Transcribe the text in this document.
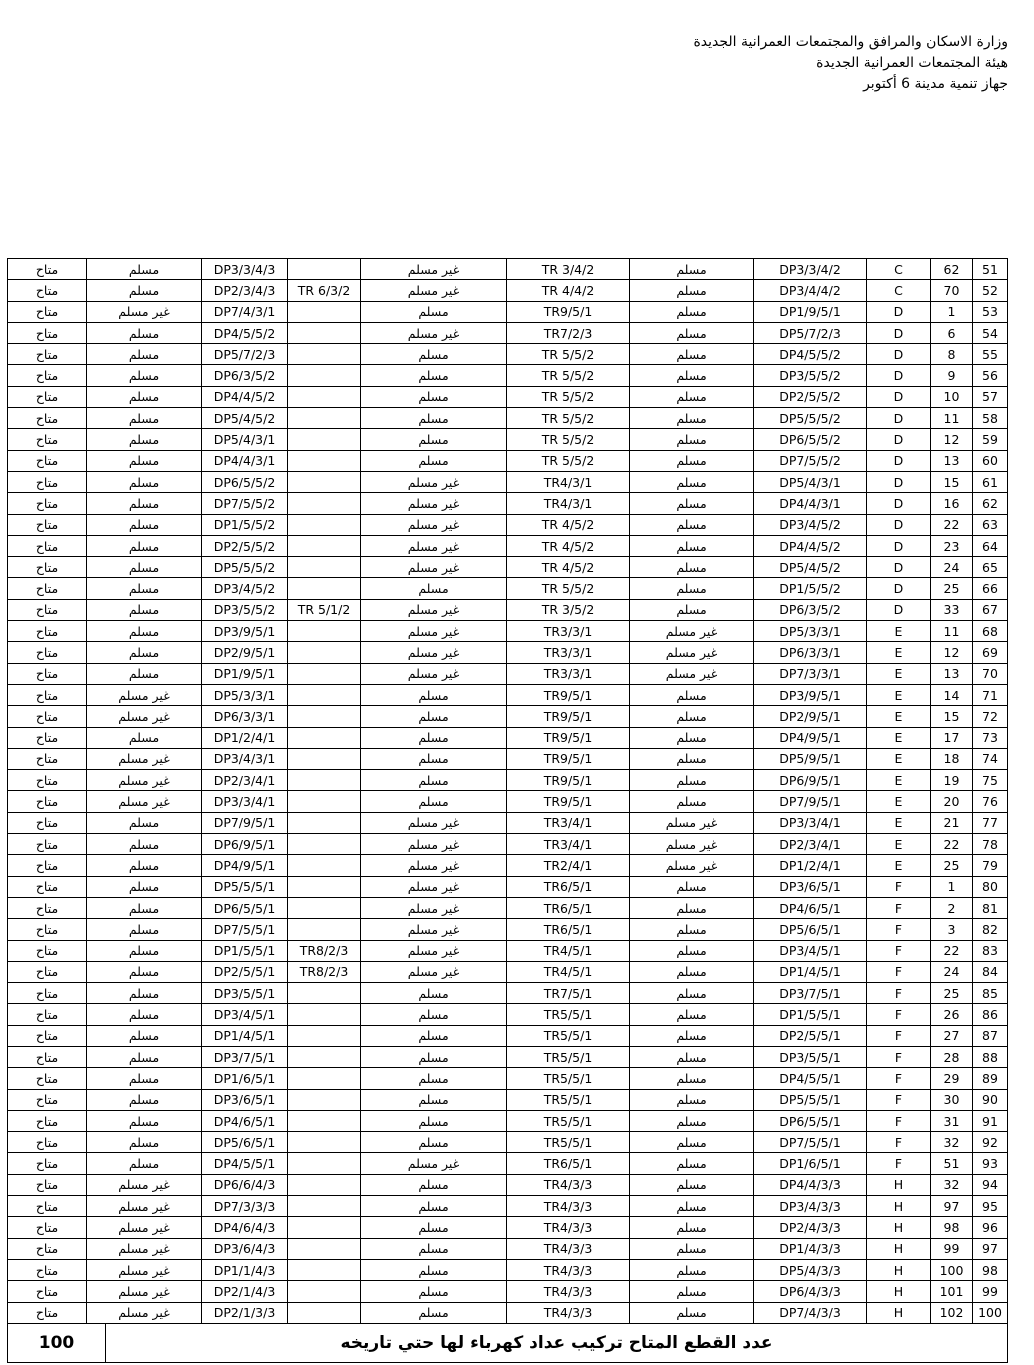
وزارة الاسكان والمرافق والمجتمعات العمرانية الجديدة
هيئة المجتمعات العمرانية الجديدة
جهاز تنمية مدينة 6 أكتوبر
51	62	C	DP3/3/4/2	مسلم	TR 3/4/2	غير مسلم		DP3/3/4/3	مسلم	متاح
52	70	C	DP3/4/4/2	مسلم	TR 4/4/2	غير مسلم	TR 6/3/2	DP2/3/4/3	مسلم	متاح
53	1	D	DP1/9/5/1	مسلم	TR9/5/1	مسلم		DP7/4/3/1	غير مسلم	متاح
54	6	D	DP5/7/2/3	مسلم	TR7/2/3	غير مسلم		DP4/5/5/2	مسلم	متاح
55	8	D	DP4/5/5/2	مسلم	TR 5/5/2	مسلم		DP5/7/2/3	مسلم	متاح
56	9	D	DP3/5/5/2	مسلم	TR 5/5/2	مسلم		DP6/3/5/2	مسلم	متاح
57	10	D	DP2/5/5/2	مسلم	TR 5/5/2	مسلم		DP4/4/5/2	مسلم	متاح
58	11	D	DP5/5/5/2	مسلم	TR 5/5/2	مسلم		DP5/4/5/2	مسلم	متاح
59	12	D	DP6/5/5/2	مسلم	TR 5/5/2	مسلم		DP5/4/3/1	مسلم	متاح
60	13	D	DP7/5/5/2	مسلم	TR 5/5/2	مسلم		DP4/4/3/1	مسلم	متاح
61	15	D	DP5/4/3/1	مسلم	TR4/3/1	غير مسلم		DP6/5/5/2	مسلم	متاح
62	16	D	DP4/4/3/1	مسلم	TR4/3/1	غير مسلم		DP7/5/5/2	مسلم	متاح
63	22	D	DP3/4/5/2	مسلم	TR 4/5/2	غير مسلم		DP1/5/5/2	مسلم	متاح
64	23	D	DP4/4/5/2	مسلم	TR 4/5/2	غير مسلم		DP2/5/5/2	مسلم	متاح
65	24	D	DP5/4/5/2	مسلم	TR 4/5/2	غير مسلم		DP5/5/5/2	مسلم	متاح
66	25	D	DP1/5/5/2	مسلم	TR 5/5/2	مسلم		DP3/4/5/2	مسلم	متاح
67	33	D	DP6/3/5/2	مسلم	TR 3/5/2	غير مسلم	TR 5/1/2	DP3/5/5/2	مسلم	متاح
68	11	E	DP5/3/3/1	غير مسلم	TR3/3/1	غير مسلم		DP3/9/5/1	مسلم	متاح
69	12	E	DP6/3/3/1	غير مسلم	TR3/3/1	غير مسلم		DP2/9/5/1	مسلم	متاح
70	13	E	DP7/3/3/1	غير مسلم	TR3/3/1	غير مسلم		DP1/9/5/1	مسلم	متاح
71	14	E	DP3/9/5/1	مسلم	TR9/5/1	مسلم		DP5/3/3/1	غير مسلم	متاح
72	15	E	DP2/9/5/1	مسلم	TR9/5/1	مسلم		DP6/3/3/1	غير مسلم	متاح
73	17	E	DP4/9/5/1	مسلم	TR9/5/1	مسلم		DP1/2/4/1	مسلم	متاح
74	18	E	DP5/9/5/1	مسلم	TR9/5/1	مسلم		DP3/4/3/1	غير مسلم	متاح
75	19	E	DP6/9/5/1	مسلم	TR9/5/1	مسلم		DP2/3/4/1	غير مسلم	متاح
76	20	E	DP7/9/5/1	مسلم	TR9/5/1	مسلم		DP3/3/4/1	غير مسلم	متاح
77	21	E	DP3/3/4/1	غير مسلم	TR3/4/1	غير مسلم		DP7/9/5/1	مسلم	متاح
78	22	E	DP2/3/4/1	غير مسلم	TR3/4/1	غير مسلم		DP6/9/5/1	مسلم	متاح
79	25	E	DP1/2/4/1	غير مسلم	TR2/4/1	غير مسلم		DP4/9/5/1	مسلم	متاح
80	1	F	DP3/6/5/1	مسلم	TR6/5/1	غير مسلم		DP5/5/5/1	مسلم	متاح
81	2	F	DP4/6/5/1	مسلم	TR6/5/1	غير مسلم		DP6/5/5/1	مسلم	متاح
82	3	F	DP5/6/5/1	مسلم	TR6/5/1	غير مسلم		DP7/5/5/1	مسلم	متاح
83	22	F	DP3/4/5/1	مسلم	TR4/5/1	غير مسلم	TR8/2/3	DP1/5/5/1	مسلم	متاح
84	24	F	DP1/4/5/1	مسلم	TR4/5/1	غير مسلم	TR8/2/3	DP2/5/5/1	مسلم	متاح
85	25	F	DP3/7/5/1	مسلم	TR7/5/1	مسلم		DP3/5/5/1	مسلم	متاح
86	26	F	DP1/5/5/1	مسلم	TR5/5/1	مسلم		DP3/4/5/1	مسلم	متاح
87	27	F	DP2/5/5/1	مسلم	TR5/5/1	مسلم		DP1/4/5/1	مسلم	متاح
88	28	F	DP3/5/5/1	مسلم	TR5/5/1	مسلم		DP3/7/5/1	مسلم	متاح
89	29	F	DP4/5/5/1	مسلم	TR5/5/1	مسلم		DP1/6/5/1	مسلم	متاح
90	30	F	DP5/5/5/1	مسلم	TR5/5/1	مسلم		DP3/6/5/1	مسلم	متاح
91	31	F	DP6/5/5/1	مسلم	TR5/5/1	مسلم		DP4/6/5/1	مسلم	متاح
92	32	F	DP7/5/5/1	مسلم	TR5/5/1	مسلم		DP5/6/5/1	مسلم	متاح
93	51	F	DP1/6/5/1	مسلم	TR6/5/1	غير مسلم		DP4/5/5/1	مسلم	متاح
94	32	H	DP4/4/3/3	مسلم	TR4/3/3	مسلم		DP6/6/4/3	غير مسلم	متاح
95	97	H	DP3/4/3/3	مسلم	TR4/3/3	مسلم		DP7/3/3/3	غير مسلم	متاح
96	98	H	DP2/4/3/3	مسلم	TR4/3/3	مسلم		DP4/6/4/3	غير مسلم	متاح
97	99	H	DP1/4/3/3	مسلم	TR4/3/3	مسلم		DP3/6/4/3	غير مسلم	متاح
98	100	H	DP5/4/3/3	مسلم	TR4/3/3	مسلم		DP1/1/4/3	غير مسلم	متاح
99	101	H	DP6/4/3/3	مسلم	TR4/3/3	مسلم		DP2/1/4/3	غير مسلم	متاح
100	102	H	DP7/4/3/3	مسلم	TR4/3/3	مسلم		DP2/1/3/3	غير مسلم	متاح
عدد القطع المتاح تركيب عداد كهرباء لها حتي تاريخه	100
